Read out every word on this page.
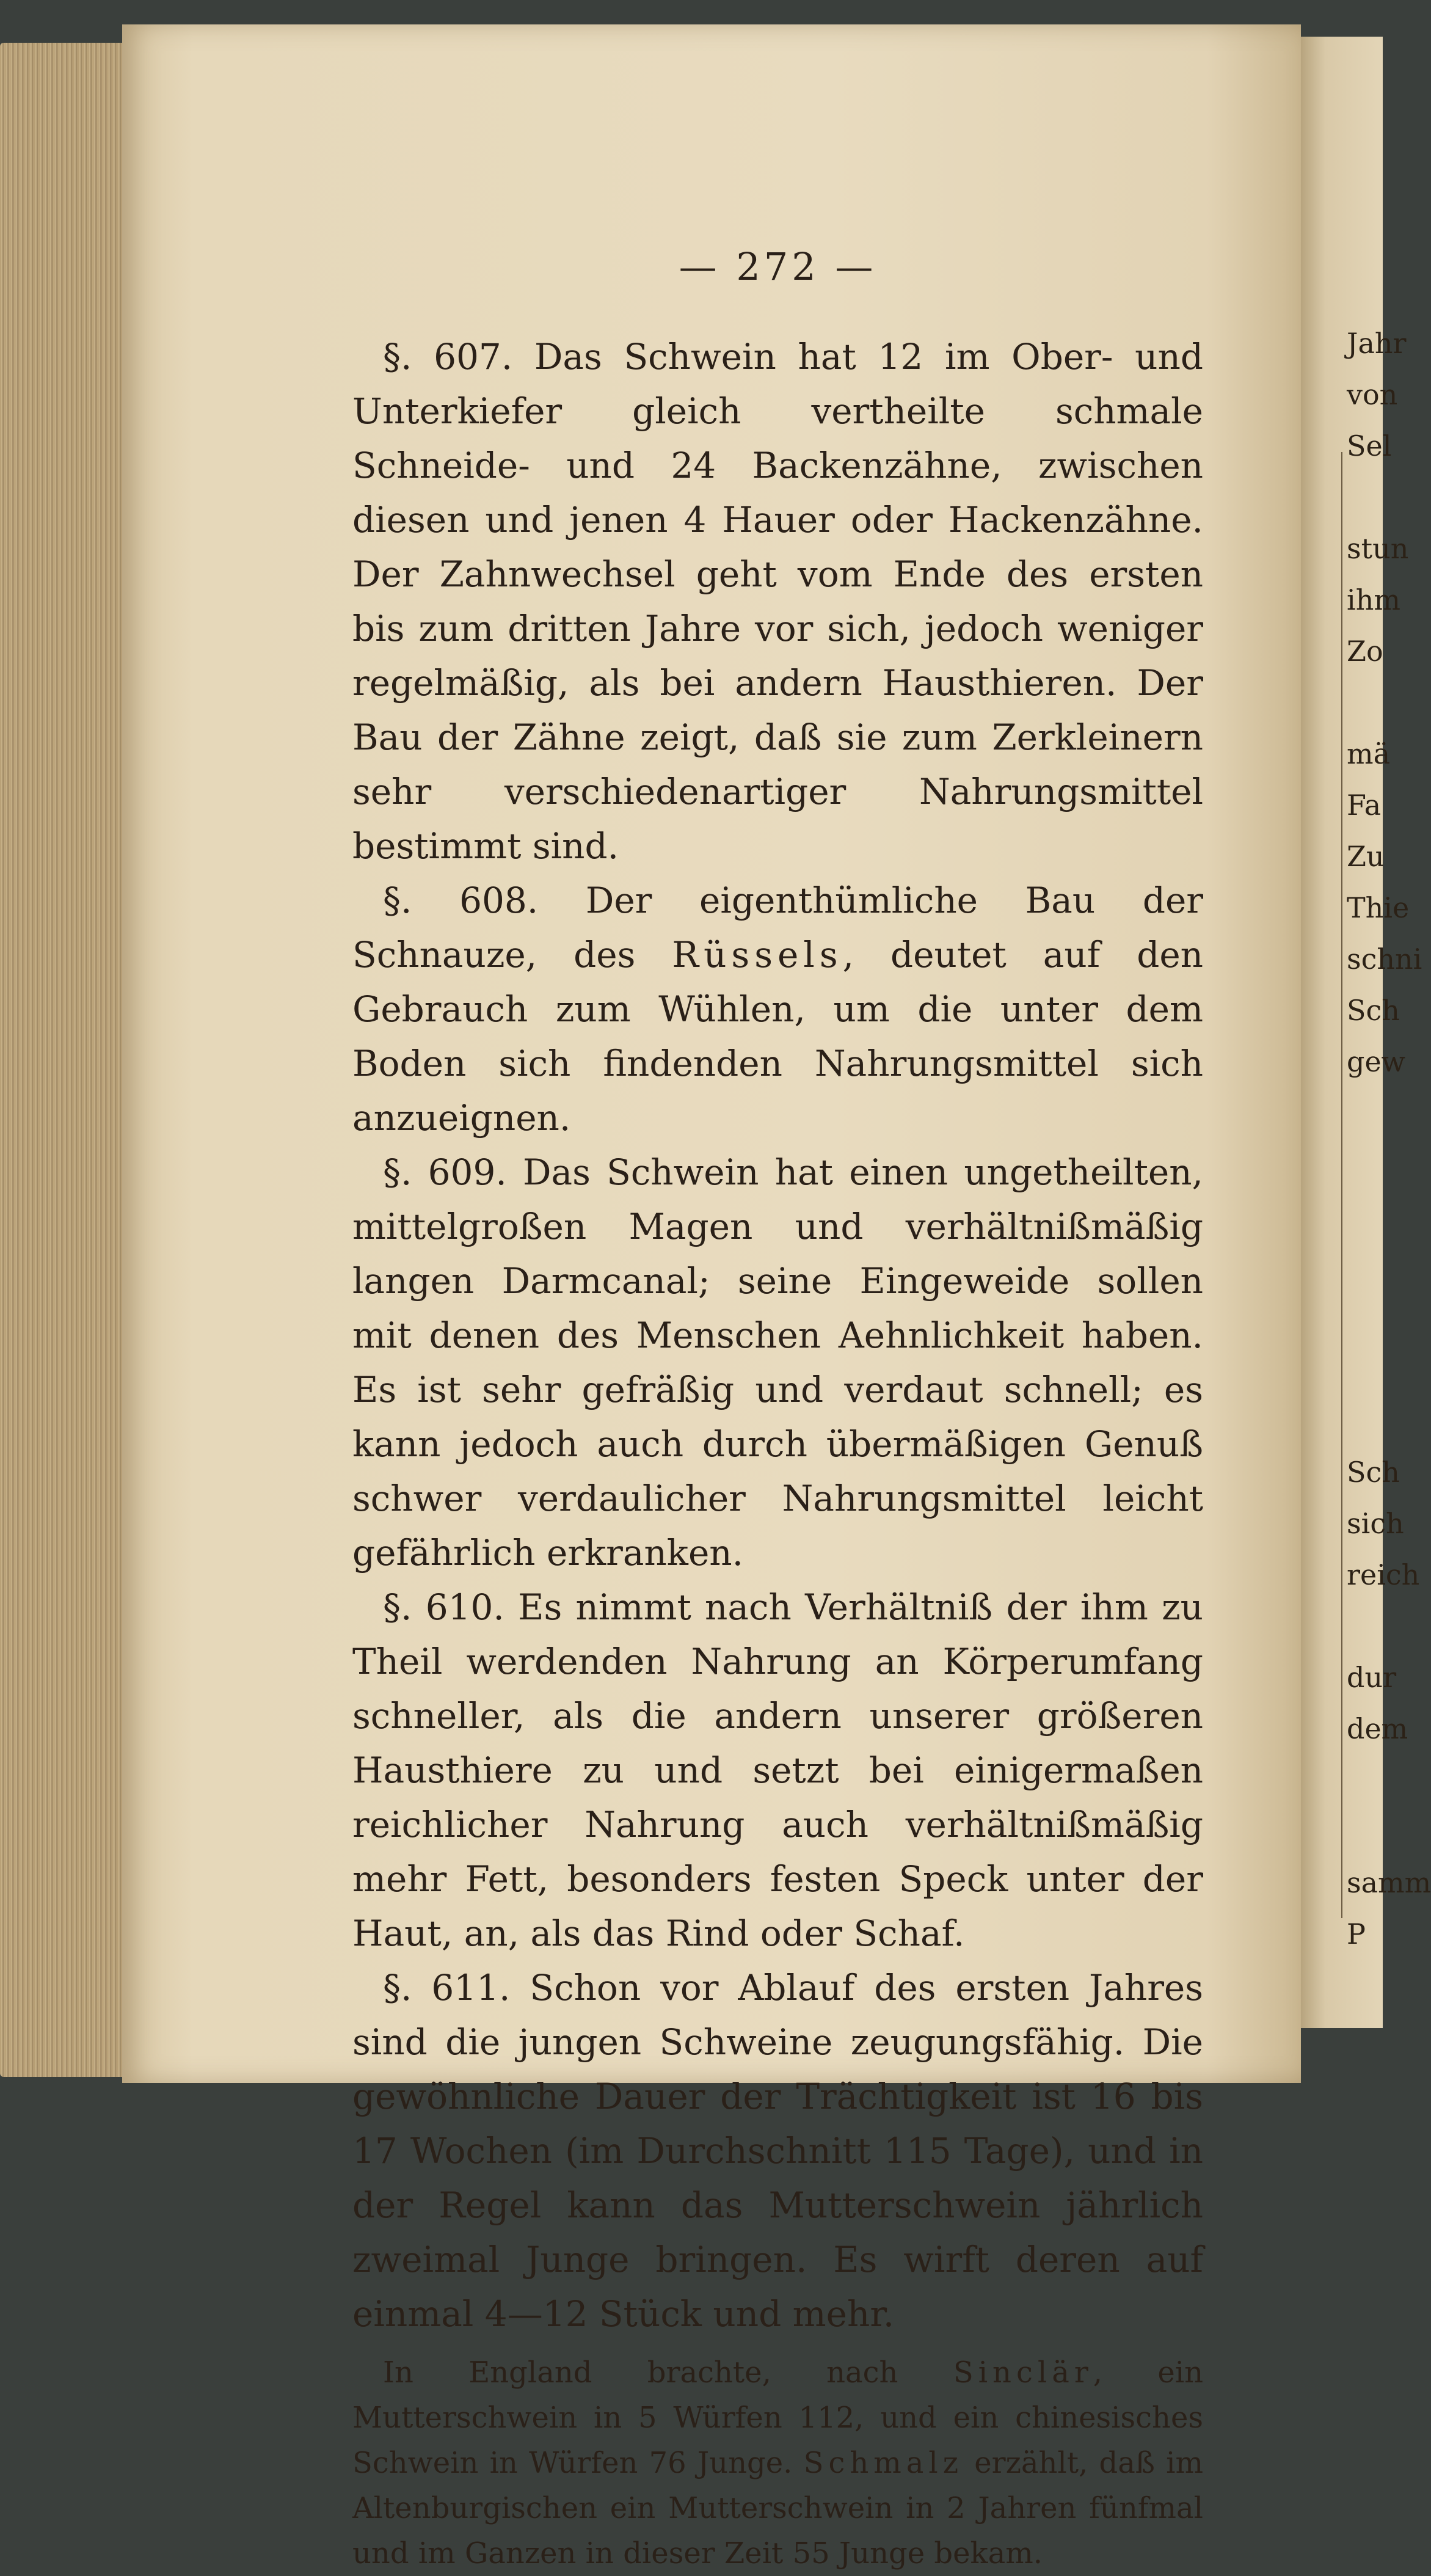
Jahr
von
Sel

stun
ihm
Zo

mä
Fa
Zu
Thie
schni
Sch
gew

Sch
sich
reich

dur
dem

samm
P
— 272 —

§. 607. Das Schwein hat 12 im Ober- und Unterkiefer gleich vertheilte schmale Schneide- und 24 Backenzähne, zwischen diesen und jenen 4 Hauer oder Hackenzähne. Der Zahnwechsel geht vom Ende des ersten bis zum dritten Jahre vor sich, jedoch weniger regelmäßig, als bei andern Hausthieren. Der Bau der Zähne zeigt, daß sie zum Zerkleinern sehr verschiedenartiger Nahrungsmittel bestimmt sind.

§. 608. Der eigenthümliche Bau der Schnauze, des Rüssels, deutet auf den Gebrauch zum Wühlen, um die unter dem Boden sich findenden Nahrungsmittel sich anzueignen.

§. 609. Das Schwein hat einen ungetheilten, mittelgroßen Magen und verhältnißmäßig langen Darmcanal; seine Eingeweide sollen mit denen des Menschen Aehnlichkeit haben. Es ist sehr gefräßig und verdaut schnell; es kann jedoch auch durch übermäßigen Genuß schwer verdaulicher Nahrungsmittel leicht gefährlich erkranken.

§. 610. Es nimmt nach Verhältniß der ihm zu Theil werdenden Nahrung an Körperumfang schneller, als die andern unserer größeren Hausthiere zu und setzt bei einigermaßen reichlicher Nahrung auch verhältnißmäßig mehr Fett, besonders festen Speck unter der Haut, an, als das Rind oder Schaf.

§. 611. Schon vor Ablauf des ersten Jahres sind die jungen Schweine zeugungsfähig. Die gewöhnliche Dauer der Trächtigkeit ist 16 bis 17 Wochen (im Durchschnitt 115 Tage), und in der Regel kann das Mutterschwein jährlich zweimal Junge bringen. Es wirft deren auf einmal 4—12 Stück und mehr.

In England brachte, nach Sinclär, ein Mutterschwein in 5 Würfen 112, und ein chinesisches Schwein in Würfen 76 Junge. Schmalz erzählt, daß im Altenburgischen ein Mutterschwein in 2 Jahren fünfmal und im Ganzen in dieser Zeit 55 Junge bekam.
